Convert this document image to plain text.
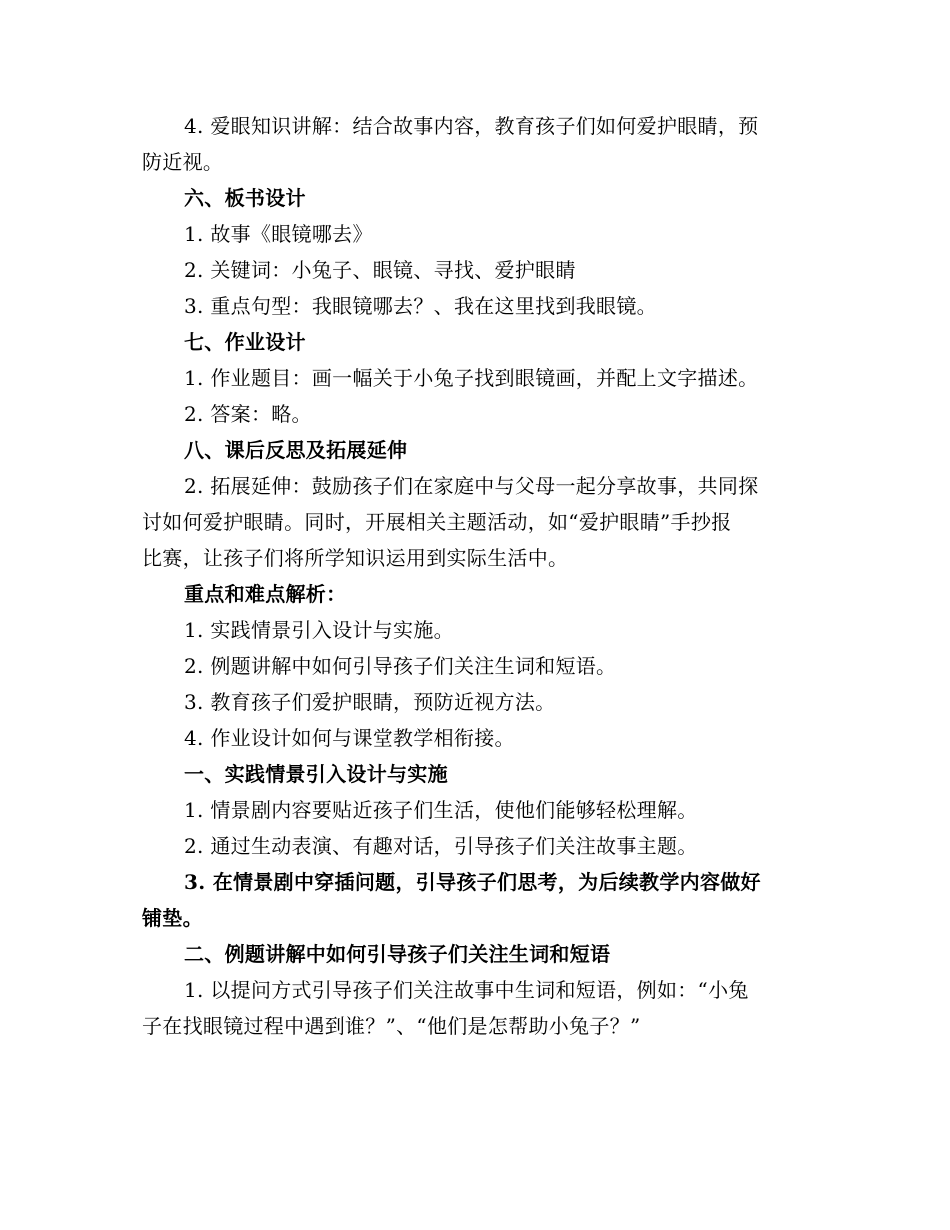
4. 爱眼知识讲解：结合故事内容，教育孩子们如何爱护眼睛，预
防近视。
六、板书设计
1. 故事《眼镜哪去》
2. 关键词：小兔子、眼镜、寻找、爱护眼睛
3. 重点句型：我眼镜哪去？、我在这里找到我眼镜。
七、作业设计
1. 作业题目：画一幅关于小兔子找到眼镜画，并配上文字描述。
2. 答案：略。
八、课后反思及拓展延伸
2. 拓展延伸：鼓励孩子们在家庭中与父母一起分享故事，共同探
讨如何爱护眼睛。同时，开展相关主题活动，如“爱护眼睛”手抄报
比赛，让孩子们将所学知识运用到实际生活中。
重点和难点解析：
1. 实践情景引入设计与实施。
2. 例题讲解中如何引导孩子们关注生词和短语。
3. 教育孩子们爱护眼睛，预防近视方法。
4. 作业设计如何与课堂教学相衔接。
一、实践情景引入设计与实施
1. 情景剧内容要贴近孩子们生活，使他们能够轻松理解。
2. 通过生动表演、有趣对话，引导孩子们关注故事主题。
3. 在情景剧中穿插问题，引导孩子们思考，为后续教学内容做好
铺垫。
二、例题讲解中如何引导孩子们关注生词和短语
1. 以提问方式引导孩子们关注故事中生词和短语，例如：“小兔
子在找眼镜过程中遇到谁？”、“他们是怎帮助小兔子？”
